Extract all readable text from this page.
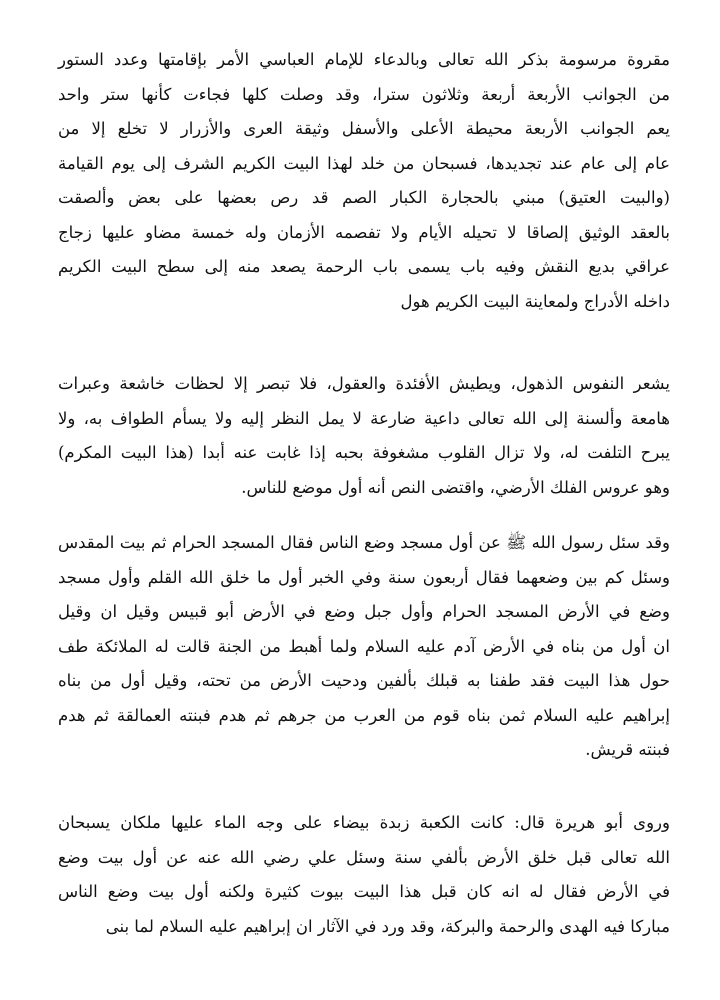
مقروة مرسومة بذكر الله تعالى وبالدعاء للإمام العباسي الأمر بإقامتها وعدد الستور
من الجوانب الأربعة أربعة وثلاثون سترا، وقد وصلت كلها فجاءت كأنها ستر واحد
يعم الجوانب الأربعة محيطة الأعلى والأسفل وثيقة العرى والأزرار لا تخلع إلا من
عام إلى عام عند تجديدها، فسبحان من خلد لهذا البيت الكريم الشرف إلى يوم القيامة
(والبيت العتيق) مبني بالحجارة الكبار الصم قد رص بعضها على بعض وألصقت
بالعقد الوثيق إلصاقا لا تحيله الأيام ولا تفصمه الأزمان وله خمسة مضاو عليها زجاج
عراقي بديع النقش وفيه باب يسمى باب الرحمة يصعد منه إلى سطح البيت الكريم
داخله الأدراج ولمعاينة البيت الكريم هول
يشعر النفوس الذهول، ويطيش الأفئدة والعقول، فلا تبصر إلا لحظات خاشعة وعبرات
هامعة وألسنة إلى الله تعالى داعية ضارعة لا يمل النظر إليه ولا يسأم الطواف به، ولا
يبرح التلفت له، ولا تزال القلوب مشغوفة بحبه إذا غابت عنه أبدا (هذا البيت المكرم)
وهو عروس الفلك الأرضي، واقتضى النص أنه أول موضع للناس.
وقد سئل رسول الله ﷺ عن أول مسجد وضع الناس فقال المسجد الحرام ثم بيت المقدس
وسئل كم بين وضعهما فقال أربعون سنة وفي الخبر أول ما خلق الله القلم وأول مسجد
وضع في الأرض المسجد الحرام وأول جبل وضع في الأرض أبو قبيس وقيل ان وقيل
ان أول من بناه في الأرض آدم عليه السلام ولما أهبط من الجنة قالت له الملائكة طف
حول هذا البيت فقد طفنا به قبلك بألفين ودحيت الأرض من تحته، وقيل أول من بناه
إبراهيم عليه السلام ثمن بناه قوم من العرب من جرهم ثم هدم فبنته العمالقة ثم هدم
فبنته قريش.
وروى أبو هريرة قال: كانت الكعبة زبدة بيضاء على وجه الماء عليها ملكان يسبحان
الله تعالى قبل خلق الأرض بألفي سنة وسئل علي رضي الله عنه عن أول بيت وضع
في الأرض فقال له انه كان قبل هذا البيت بيوت كثيرة ولكنه أول بيت وضع الناس
مباركا فيه الهدى والرحمة والبركة، وقد ورد في الآثار ان إبراهيم عليه السلام لما بنى
